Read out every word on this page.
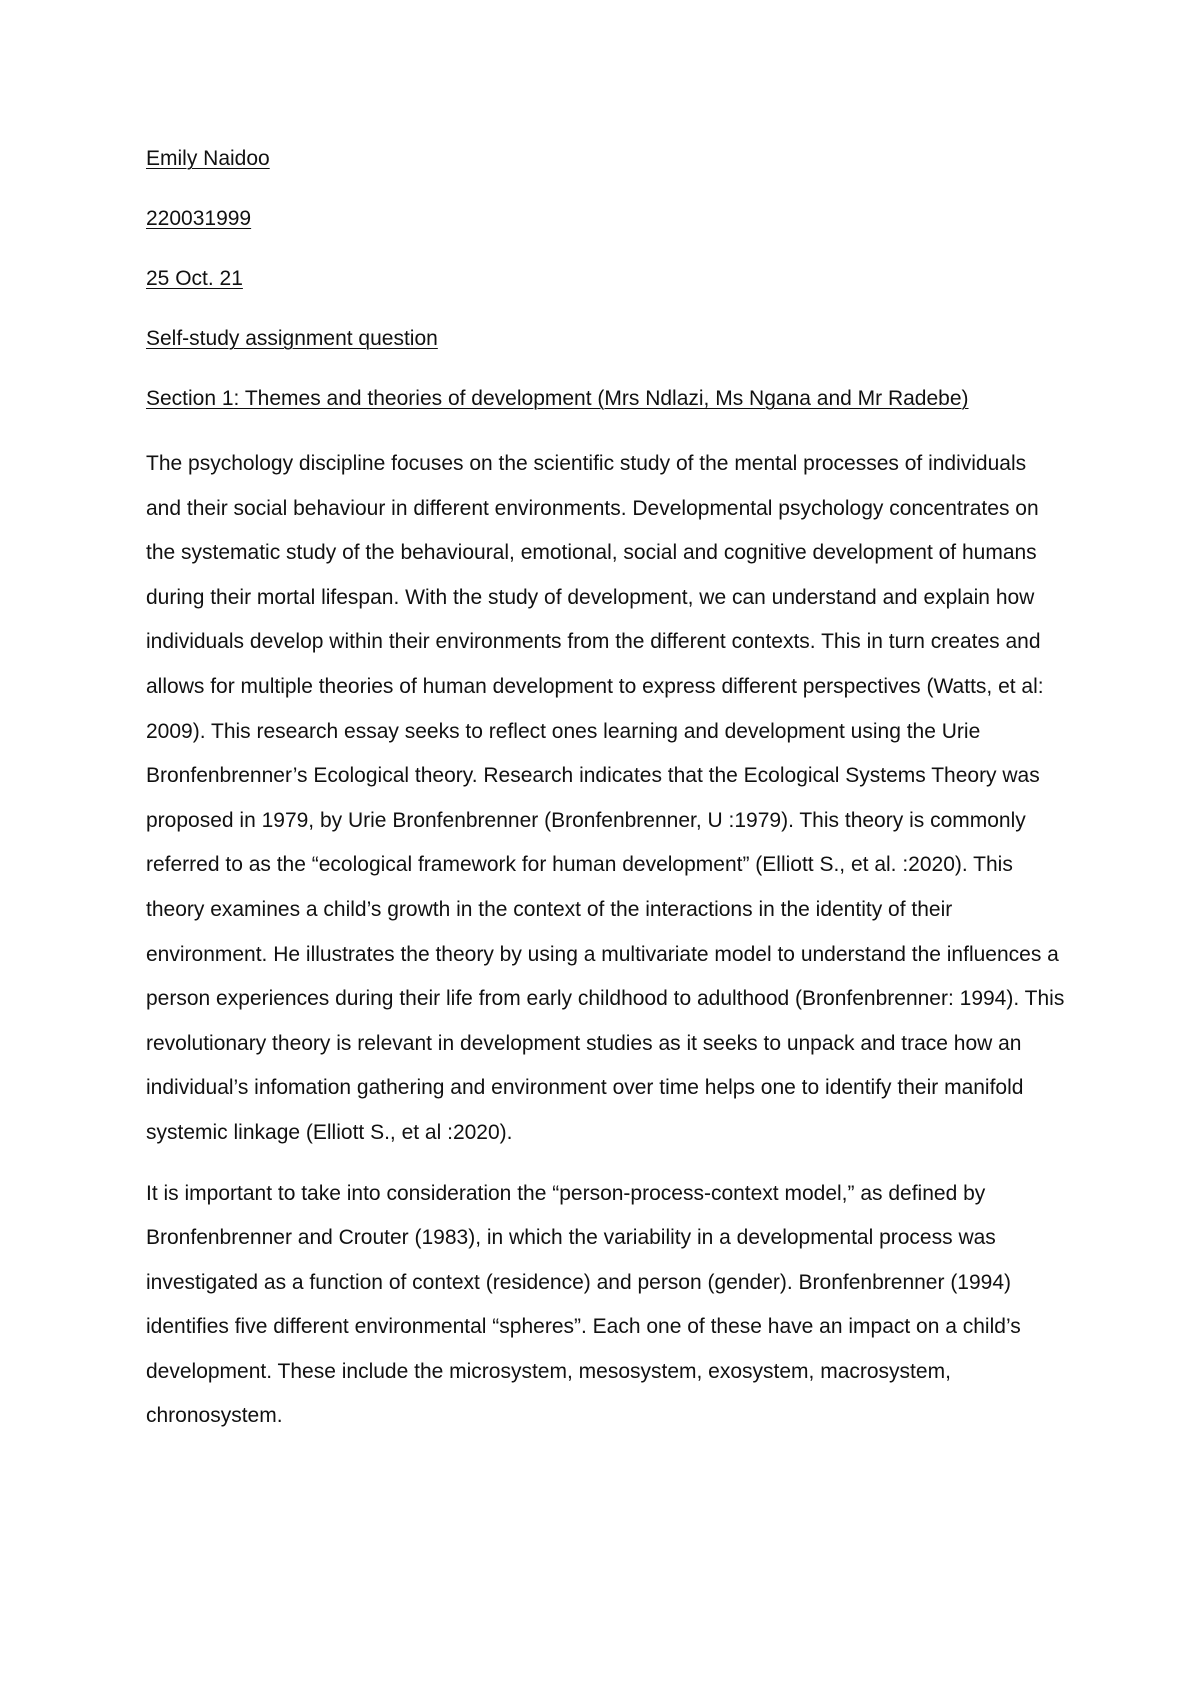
Emily Naidoo

220031999

25 Oct. 21

Self-study assignment question

Section 1: Themes and theories of development (Mrs Ndlazi, Ms Ngana and Mr Radebe)

The psychology discipline focuses on the scientific study of the mental processes of individuals and their social behaviour in different environments. Developmental psychology concentrates on the systematic study of the behavioural, emotional, social and cognitive development of humans during their mortal lifespan. With the study of development, we can understand and explain how individuals develop within their environments from the different contexts. This in turn creates and allows for multiple theories of human development to express different perspectives (Watts, et al: 2009). This research essay seeks to reflect ones learning and development using the Urie Bronfenbrenner’s Ecological theory. Research indicates that the Ecological Systems Theory was proposed in 1979, by Urie Bronfenbrenner (Bronfenbrenner, U :1979). This theory is commonly referred to as the “ecological framework for human development” (Elliott S., et al. :2020). This theory examines a child’s growth in the context of the interactions in the identity of their environment. He illustrates the theory by using a multivariate model to understand the influences a person experiences during their life from early childhood to adulthood (Bronfenbrenner: 1994). This revolutionary theory is relevant in development studies as it seeks to unpack and trace how an individual’s infomation gathering and environment over time helps one to identify their manifold systemic linkage (Elliott S., et al :2020).

It is important to take into consideration the “person-process-context model,” as defined by Bronfenbrenner and Crouter (1983), in which the variability in a developmental process was investigated as a function of context (residence) and person (gender). Bronfenbrenner (1994) identifies five different environmental “spheres”. Each one of these have an impact on a child’s development. These include the microsystem, mesosystem, exosystem, macrosystem, chronosystem.
